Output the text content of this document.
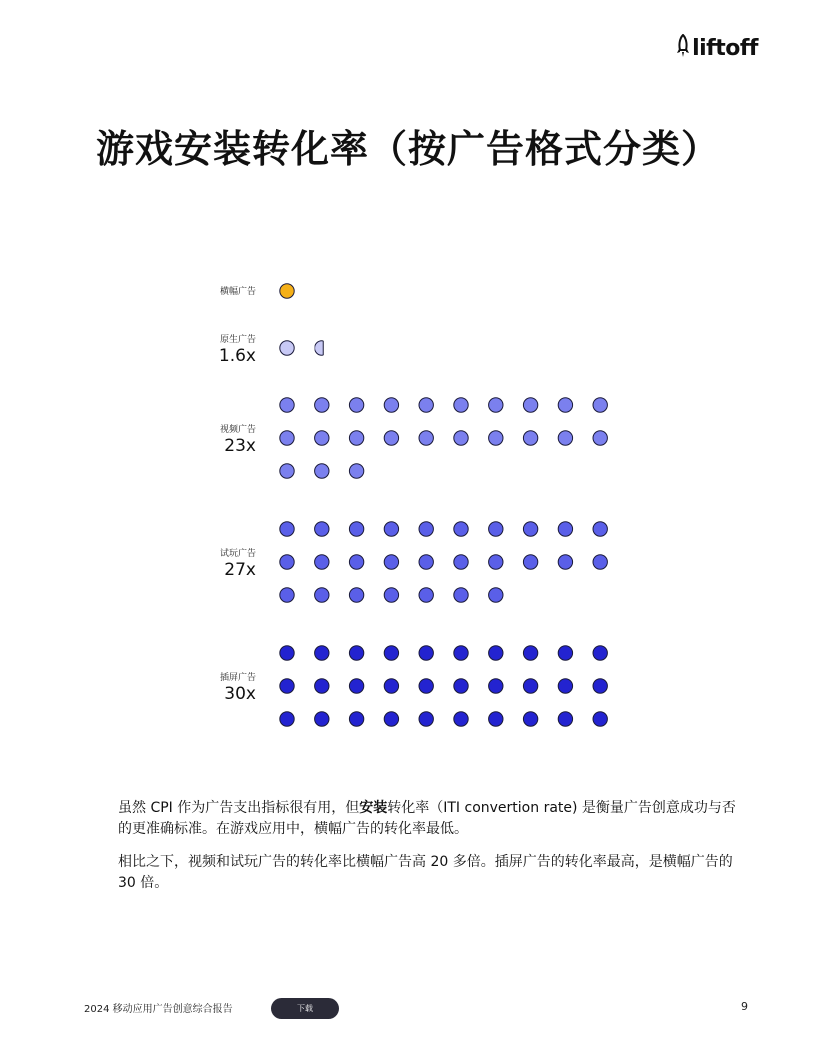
liftoff
游戏安装转化率（按广告格式分类）
横幅广告
原生广告
1.6x
视频广告
23x
试玩广告
27x
插屏广告
30x
虽然 CPI 作为广告支出指标很有用，但安装转化率（ITI convertion rate) 是衡量广告创意成功与否的更准确标准。在游戏应用中，横幅广告的转化率最低。
相比之下，视频和试玩广告的转化率比横幅广告高 20 多倍。插屏广告的转化率最高，是横幅广告的 30 倍。
2024 移动应用广告创意综合报告	下载	9
